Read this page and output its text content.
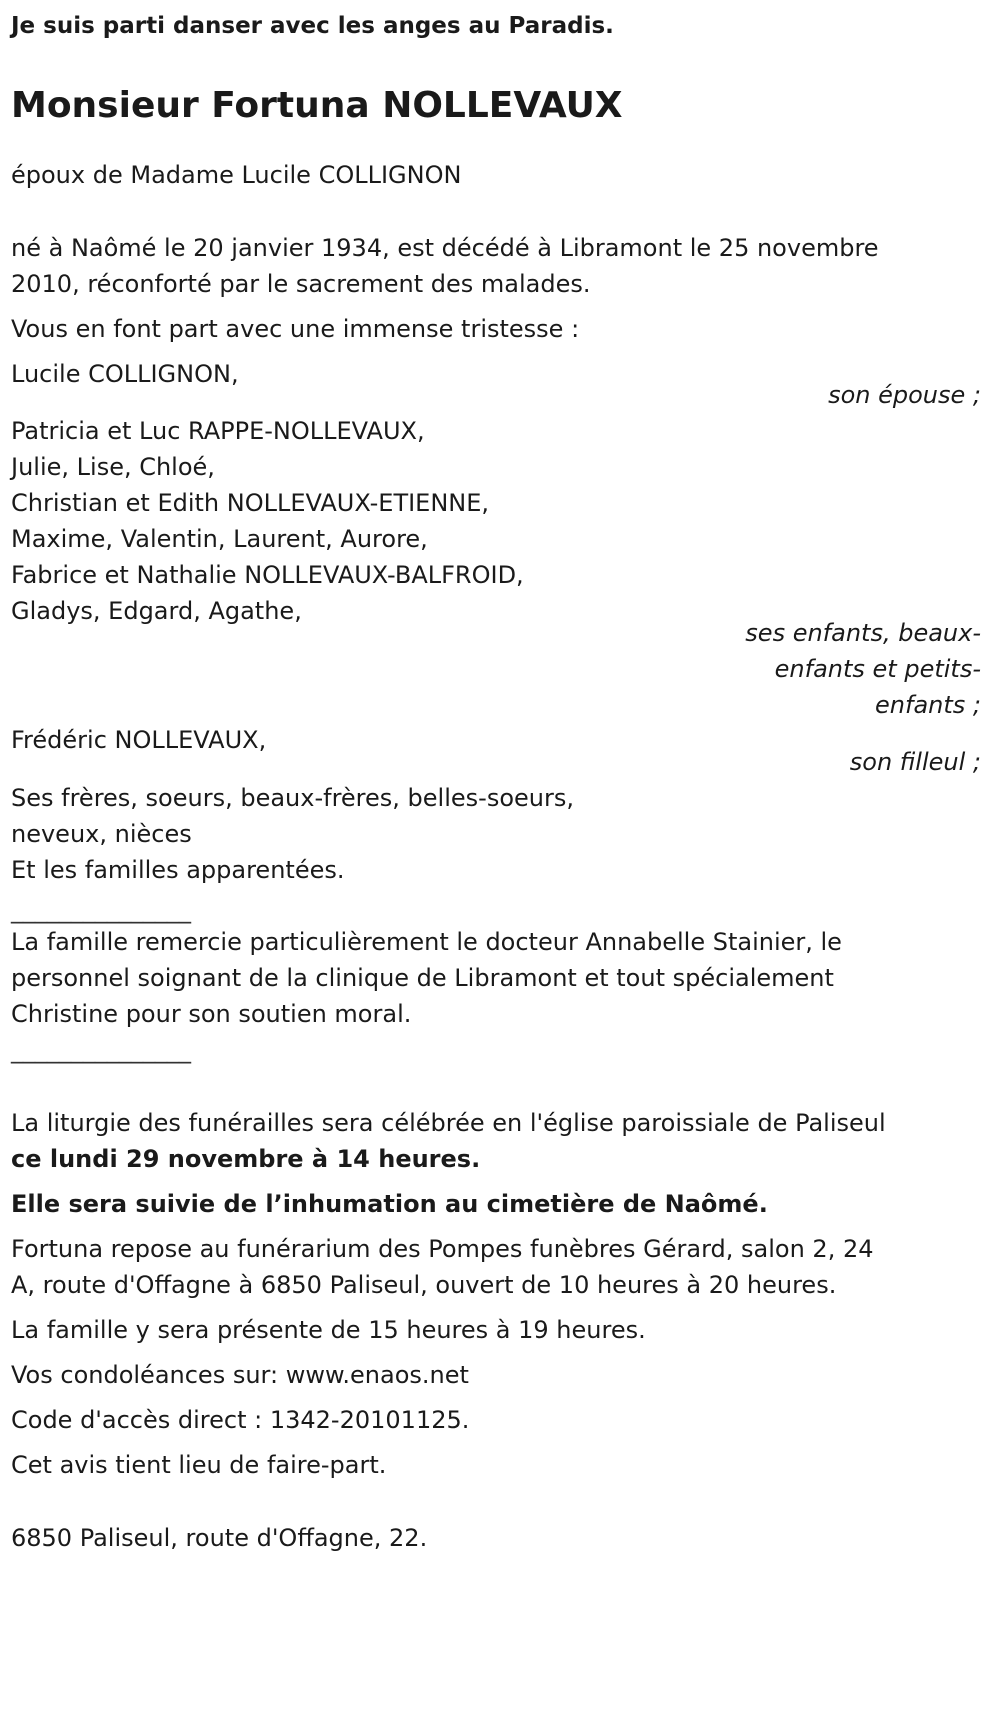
Je suis parti danser avec les anges au Paradis.

Monsieur Fortuna NOLLEVAUX

époux de Madame Lucile COLLIGNON

né à Naômé le 20 janvier 1934, est décédé à Libramont le 25 novembre

2010, réconforté par le sacrement des malades.

Vous en font part avec une immense tristesse :

Lucile COLLIGNON,

son épouse ;

Patricia et Luc RAPPE-NOLLEVAUX,

Julie, Lise, Chloé,

Christian et Edith NOLLEVAUX-ETIENNE,

Maxime, Valentin, Laurent, Aurore,

Fabrice et Nathalie NOLLEVAUX-BALFROID,

Gladys, Edgard, Agathe,

ses enfants, beaux-

enfants et petits-

enfants ;

Frédéric NOLLEVAUX,

son filleul ;

Ses frères, soeurs, beaux-frères, belles-soeurs,

neveux, nièces

Et les familles apparentées.

_______________

La famille remercie particulièrement le docteur Annabelle Stainier, le

personnel soignant de la clinique de Libramont et tout spécialement

Christine pour son soutien moral.

_______________

La liturgie des funérailles sera célébrée en l'église paroissiale de Paliseul

ce lundi 29 novembre à 14 heures.

Elle sera suivie de l’inhumation au cimetière de Naômé.

Fortuna repose au funérarium des Pompes funèbres Gérard, salon 2, 24

A, route d'Offagne à 6850 Paliseul, ouvert de 10 heures à 20 heures.

La famille y sera présente de 15 heures à 19 heures.

Vos condoléances sur: www.enaos.net

Code d'accès direct : 1342-20101125.

Cet avis tient lieu de faire-part.

6850 Paliseul, route d'Offagne, 22.
